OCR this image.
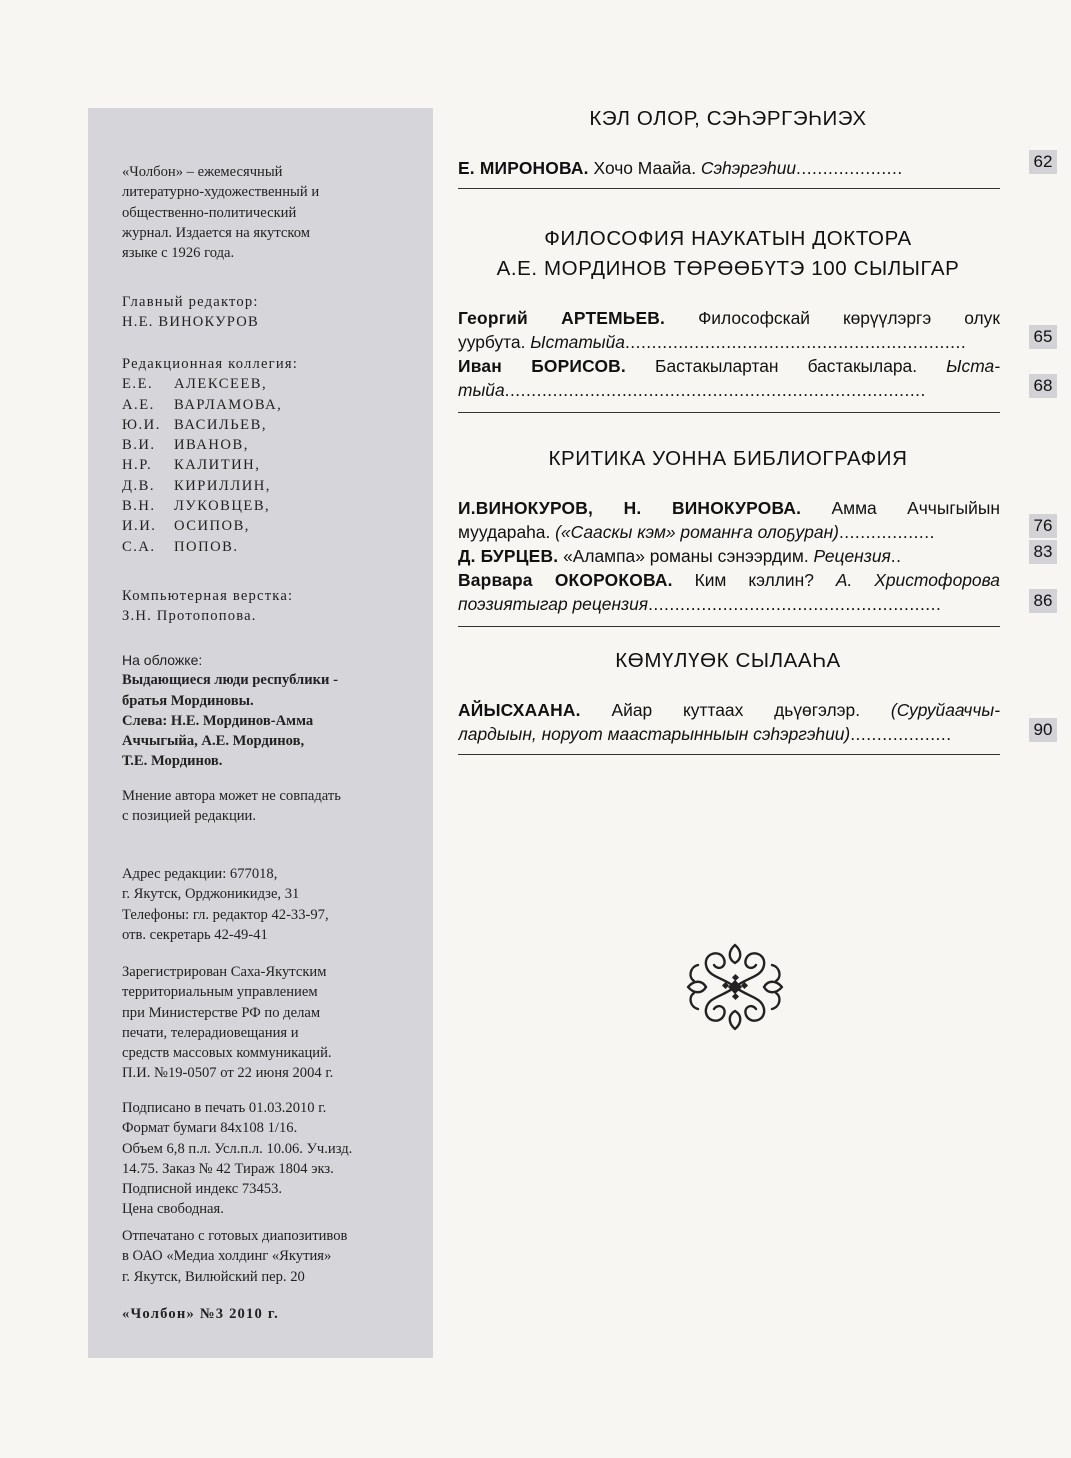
«Чолбон» – ежемесячный
литературно-художественный и
общественно-политический
журнал. Издается на якутском
языке с 1926 года.
Главный редактор:
Н.Е. ВИНОКУРОВ
Редакционная коллегия:
Е.Е. АЛЕКСЕЕВ,
А.Е. ВАРЛАМОВА,
Ю.И. ВАСИЛЬЕВ,
В.И. ИВАНОВ,
Н.Р. КАЛИТИН,
Д.В. КИРИЛЛИН,
В.Н. ЛУКОВЦЕВ,
И.И. ОСИПОВ,
С.А. ПОПОВ.
Компьютерная верстка:
З.Н. Протопопова.
На обложке:
Выдающиеся люди республики -
братья Мординовы.
Слева: Н.Е. Мординов-Амма
Аччыгыйа, А.Е. Мординов,
Т.Е. Мординов.
Мнение автора может не совпадать
с позицией редакции.
Адрес редакции: 677018,
г. Якутск, Орджоникидзе, 31
Телефоны: гл. редактор 42-33-97,
отв. секретарь 42-49-41
Зарегистрирован Саха-Якутским
территориальным управлением
при Министерстве РФ по делам
печати, телерадиовещания и
средств массовых коммуникаций.
П.И. №19-0507 от 22 июня 2004 г.
Подписано в печать 01.03.2010 г.
Формат бумаги 84x108 1/16.
Объем 6,8 п.л. Усл.п.л. 10.06. Уч.изд.
14.75. Заказ № 42 Тираж 1804 экз.
Подписной индекс 73453.
Цена свободная.
Отпечатано с готовых диапозитивов
в ОАО «Медиа холдинг «Якутия»
г. Якутск, Вилюйский пер. 20
«Чолбон» №3 2010 г.
КЭЛ ОЛОР, СЭҺЭРГЭҺИЭХ
Е. МИРОНОВА. Хочо Маайа. Сэһэргэһии....................	62
ФИЛОСОФИЯ НАУКАТЫН ДОКТОРА
А.Е. МОРДИНОВ ТӨРӨӨБҮТЭ 100 СЫЛЫГАР
Георгий АРТЕМЬЕВ. Философскай көрүүлэргэ олук
уурбута. Ыстатыйа................................................................	65
Иван БОРИСОВ. Бастакылартан бастакылара. Ыста-
тыйа...............................................................................	68
КРИТИКА УОННА БИБЛИОГРАФИЯ
И.ВИНОКУРОВ, Н. ВИНОКУРОВА. Амма Аччыгыйын
муудараһа. («Сааскы кэм» романҥа олоҕуран)..................	76
Д. БУРЦЕВ. «Алампа» романы сэнээрдим. Рецензия..	83
Варвара ОКОРОКОВА. Ким кэллин? А. Христофорова
поэзиятыгар рецензия.......................................................	86
КӨМҮЛҮӨК СЫЛААҺА
АЙЫСХААНА. Айар куттаах дьүөгэлэр. (Суруйааччы-
лардыын, норуот маастарынныын сэһэргэһии)...................	90
